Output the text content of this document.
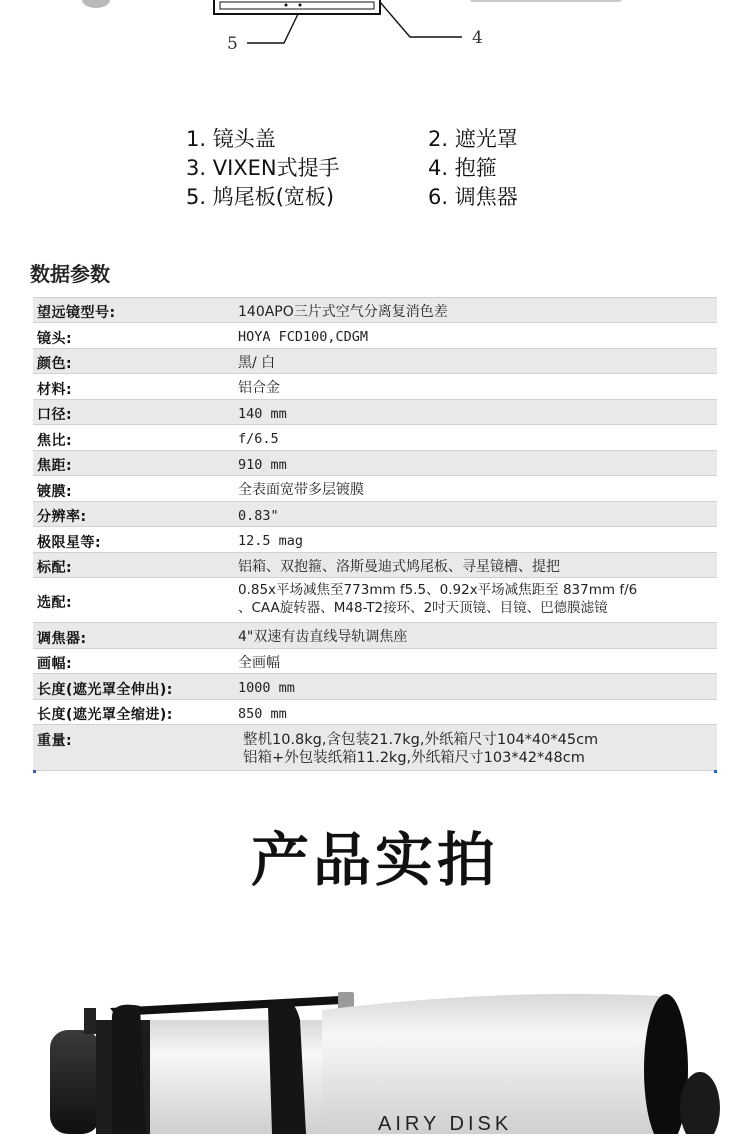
5	4
1. 镜头盖	2. 遮光罩
3. VIXEN式提手	4. 抱箍
5. 鸠尾板(宽板)	6. 调焦器
数据参数
望远镜型号:	140APO三片式空气分离复消色差
镜头:	HOYA FCD100,CDGM
颜色:	黑/ 白
材料:	铝合金
口径:	140 mm
焦比:	f/6.5
焦距:	910 mm
镀膜:	全表面宽带多层镀膜
分辨率:	0.83"
极限星等:	12.5 mag
标配:	铝箱、双抱箍、洛斯曼迪式鸠尾板、寻星镜槽、提把
选配:
0.85x平场减焦至773mm f5.5、0.92x平场减焦距至 837mm f/6
、CAA旋转器、M48-T2接环、2吋天顶镜、目镜、巴德膜滤镜
调焦器:	4"双速有齿直线导轨调焦座
画幅:	全画幅
长度(遮光罩全伸出):	1000 mm
长度(遮光罩全缩进):	850 mm
重量:	整机10.8kg,含包装21.7kg,外纸箱尺寸104*40*45cm
铝箱+外包装纸箱11.2kg,外纸箱尺寸103*42*48cm
产品实拍
AIRY DISK
